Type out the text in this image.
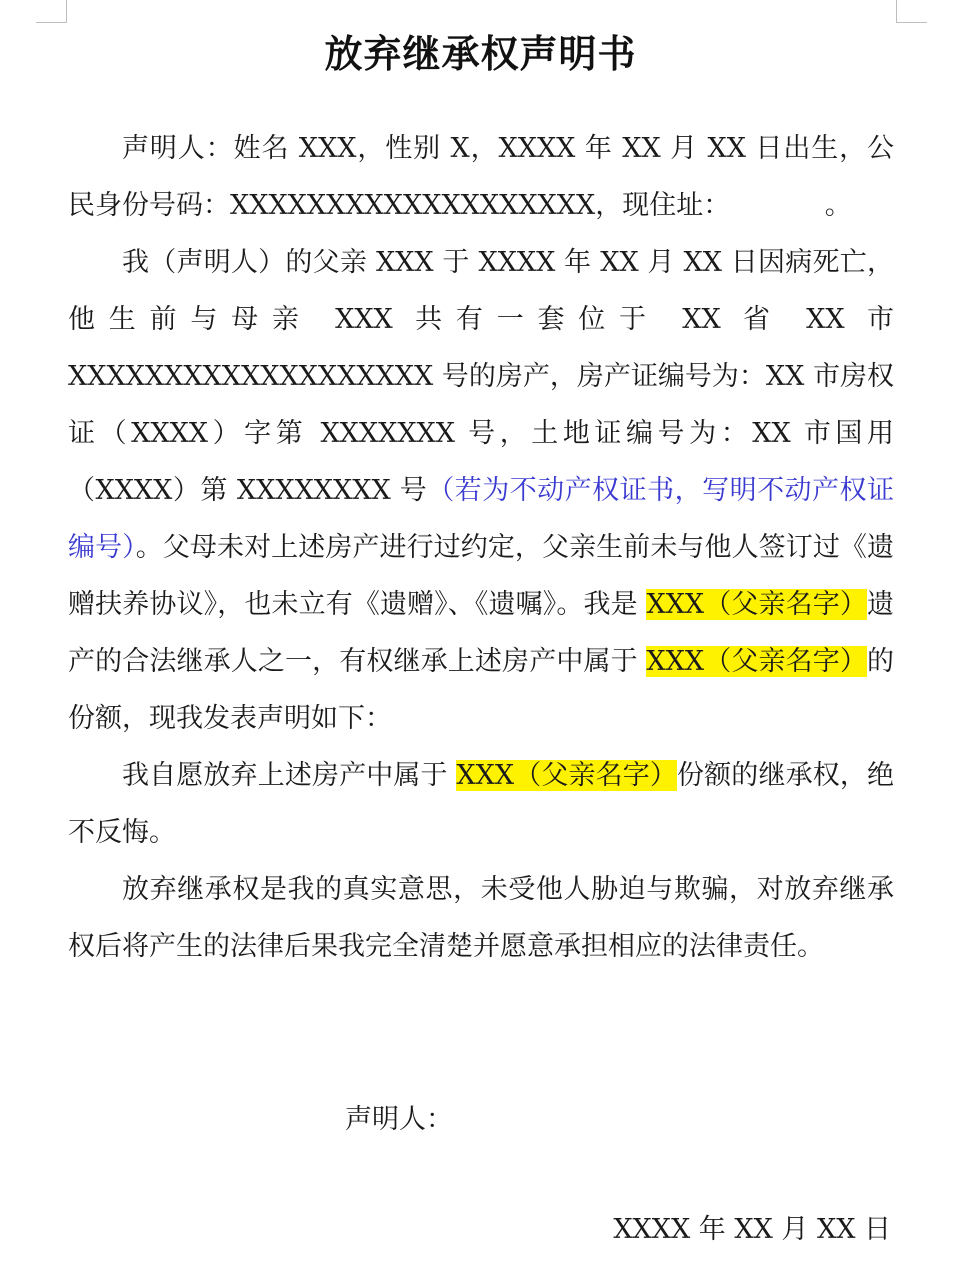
放弃继承权声明书

声明人：姓名 XXX，性别 X，XXXX 年 XX 月 XX 日出生，公民身份号码：XXXXXXXXXXXXXXXXXXX，现住址：　　　　。

我（声明人）的父亲 XXX 于 XXXX 年 XX 月 XX 日因病死亡，他生前与母亲 XXX 共有一套位于 XX 省 XX 市 XXXXXXXXXXXXXXXXXXX 号的房产，房产证编号为：XX 市房权证（XXXX）字第 XXXXXXX 号，土地证编号为：XX 市国用（XXXX）第 XXXXXXXX 号（若为不动产权证书，写明不动产权证编号）。父母未对上述房产进行过约定，父亲生前未与他人签订过《遗赠扶养协议》，也未立有《遗赠》、《遗嘱》。我是 XXX（父亲名字）遗产的合法继承人之一，有权继承上述房产中属于 XXX（父亲名字）的份额，现我发表声明如下：

我自愿放弃上述房产中属于 XXX（父亲名字）份额的继承权，绝不反悔。

放弃继承权是我的真实意思，未受他人胁迫与欺骗，对放弃继承权后将产生的法律后果我完全清楚并愿意承担相应的法律责任。

声明人：
XXXX 年 XX 月 XX 日
